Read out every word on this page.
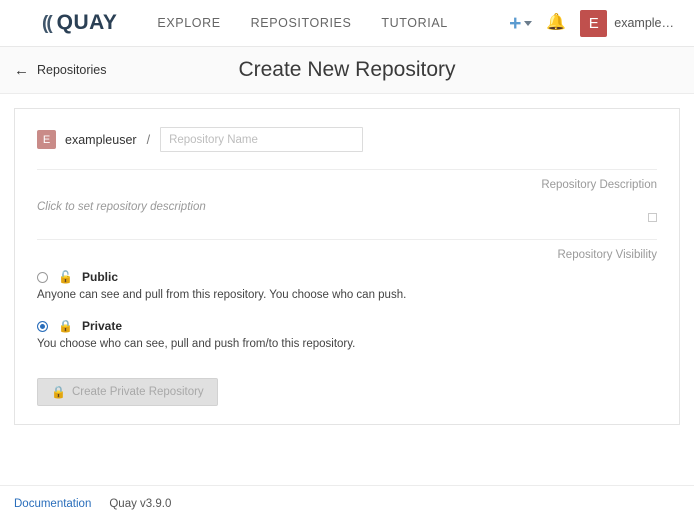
(( QUAY	EXPLORE REPOSITORIES TUTORIAL	+ 🔔	E	example…
← Repositories	Create New Repository
E	exampleuser /
Repository Name
Repository Description
Click to set repository description
Repository Visibility
🔓 Public
Anyone can see and pull from this repository. You choose who can push.
🔒 Private
You choose who can see, pull and push from/to this repository.
🔒 Create Private Repository
Documentation Quay v3.9.0
